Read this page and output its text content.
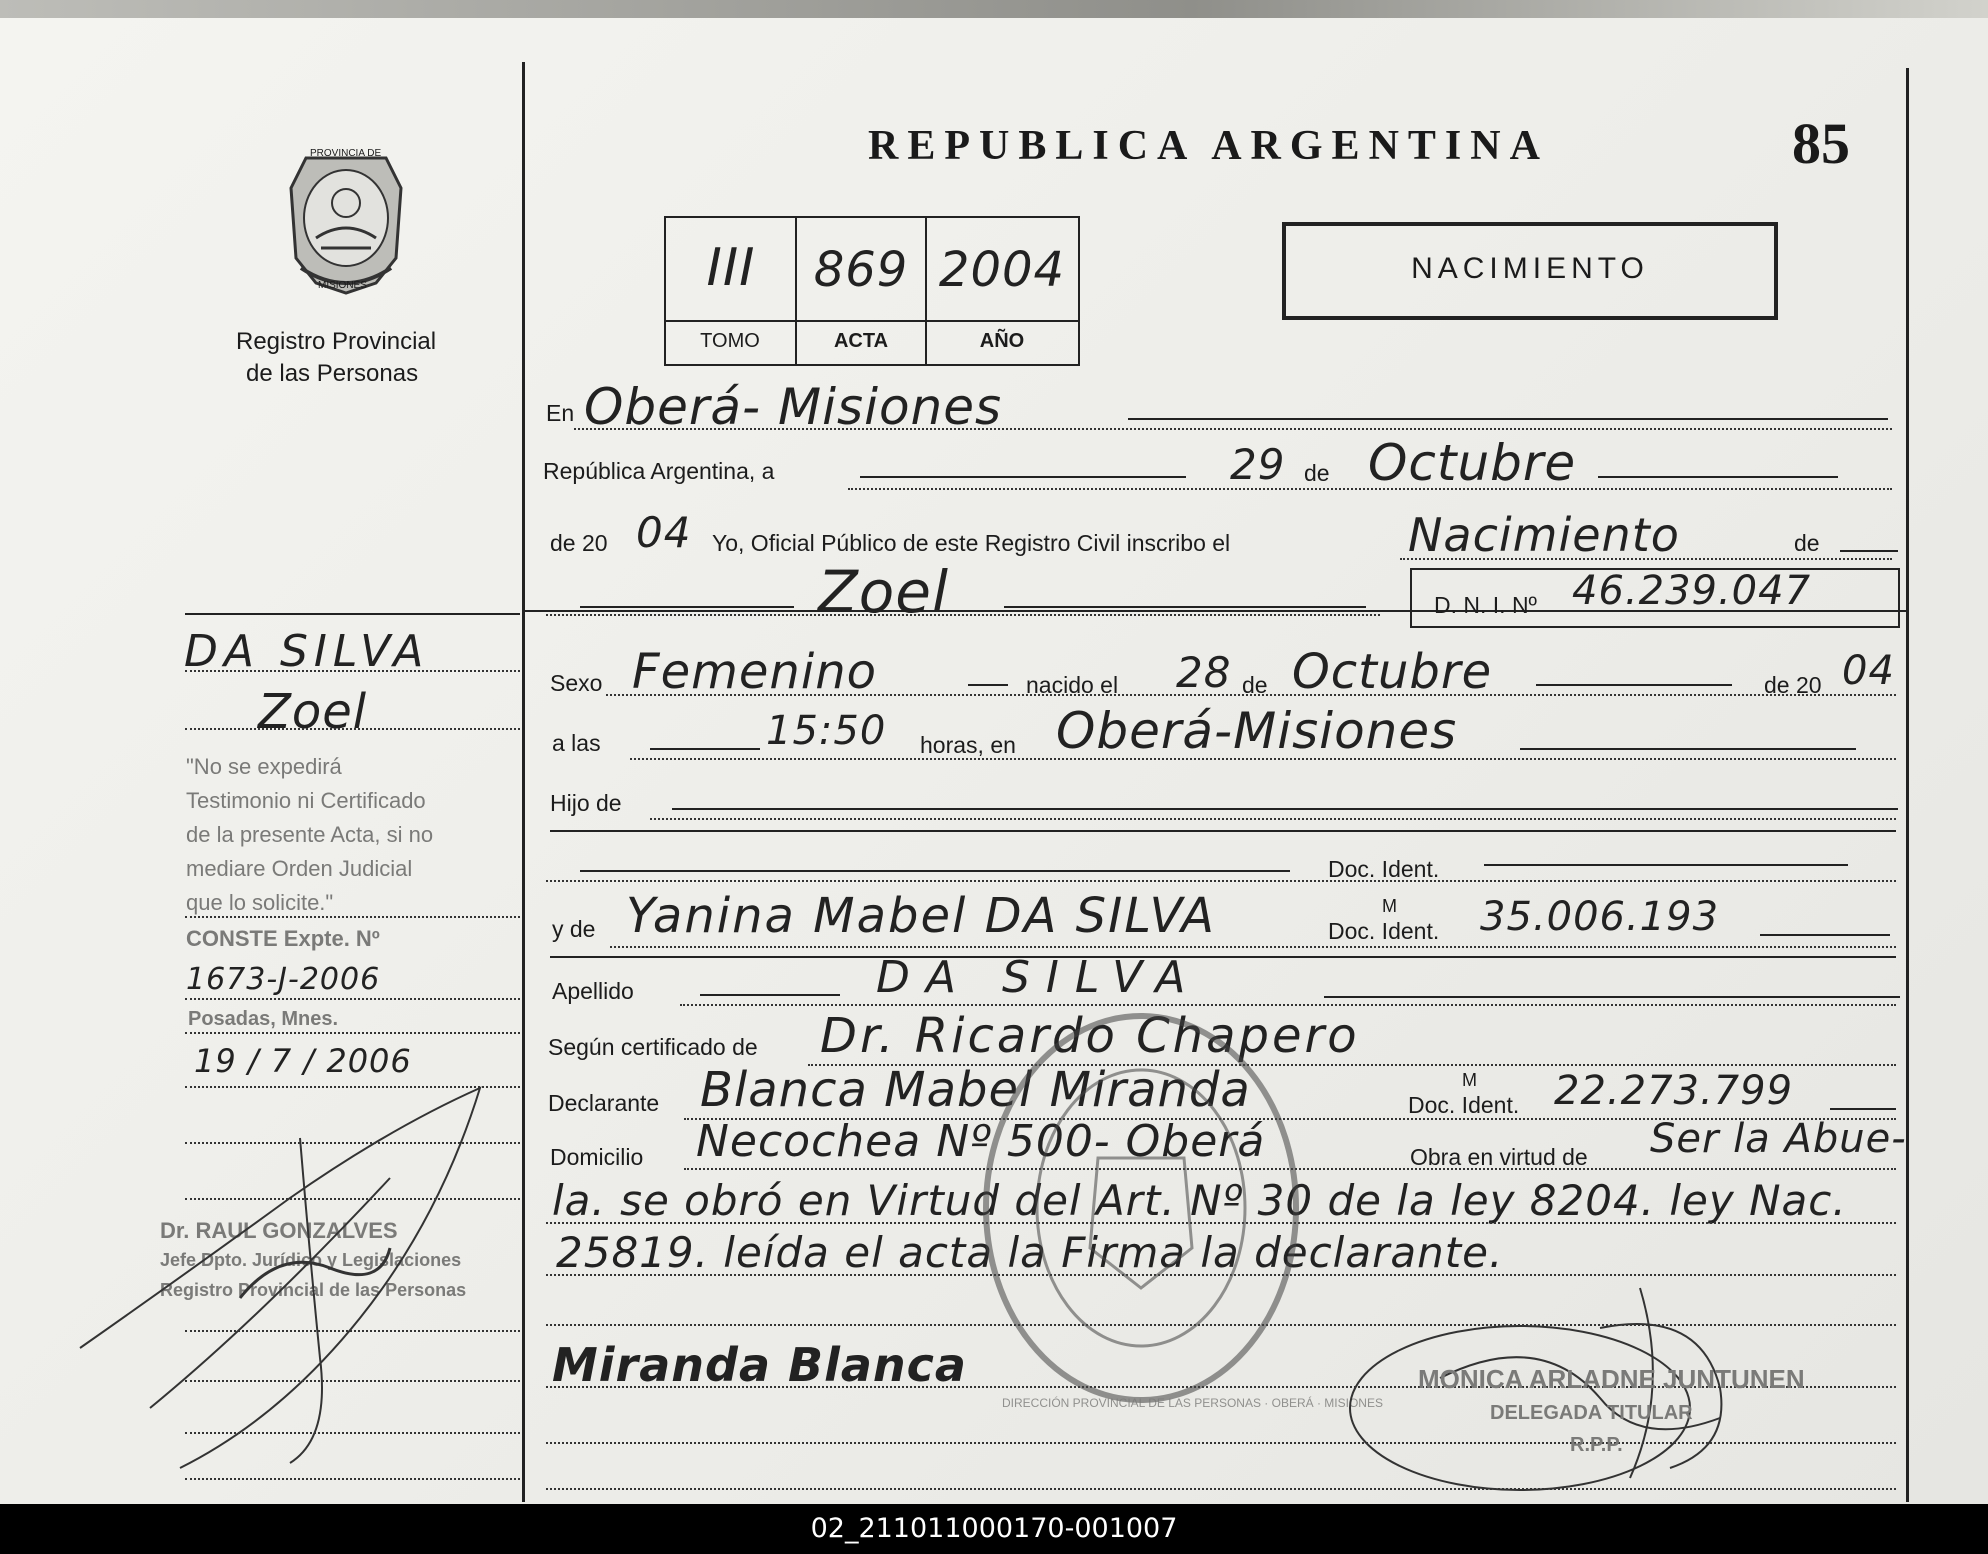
PROVINCIA DE
MISIONES
Registro Provincial
de las Personas
REPUBLICA ARGENTINA	85
III	869 2004
TOMO	ACTA	AÑO
NACIMIENTO
DA SILVA
Zoel
"No se expedirá
Testimonio ni Certificado
de la presente Acta, si no
mediare Orden Judicial
que lo solicite."
CONSTE Expte. Nº
1673-J-2006
Posadas, Mnes.
19 / 7 / 2006
Dr. RAUL GONZALVES
Jefe Dpto. Jurídico y Legislaciones
Registro Provincial de las Personas
En Oberá- Misiones
República Argentina, a	29 de Octubre
de 20 04 Yo, Oficial Público de este Registro Civil inscribo el	Nacimiento	de
Zoel	D. N. I. Nº 46.239.047
Sexo Femenino	nacido el 28 de Octubre	de 20 04
a las	15:50 horas, en Oberá-Misiones
Hijo de
Doc. Ident.
y de Yanina Mabel DA SILVA	Doc. Ident.
M 35.006.193
Apellido	DA SILVA
Según certificado de Dr. Ricardo Chapero
Declarante Blanca Mabel Miranda	Doc. Ident.
M 22.273.799
Domicilio Necochea Nº 500- Oberá	Obra en virtud de Ser la Abue-
la. se obró en Virtud del Art. Nº 30 de la ley 8204. ley Nac.
25819. leída el acta la Firma la declarante.
Miranda Blanca
DIRECCIÓN PROVINCIAL DE LAS PERSONAS · OBERÁ · MISIONES
MONICA ARLADNE JUNTUNEN
DELEGADA TITULAR
R.P.P.
02_211011000170-001007
